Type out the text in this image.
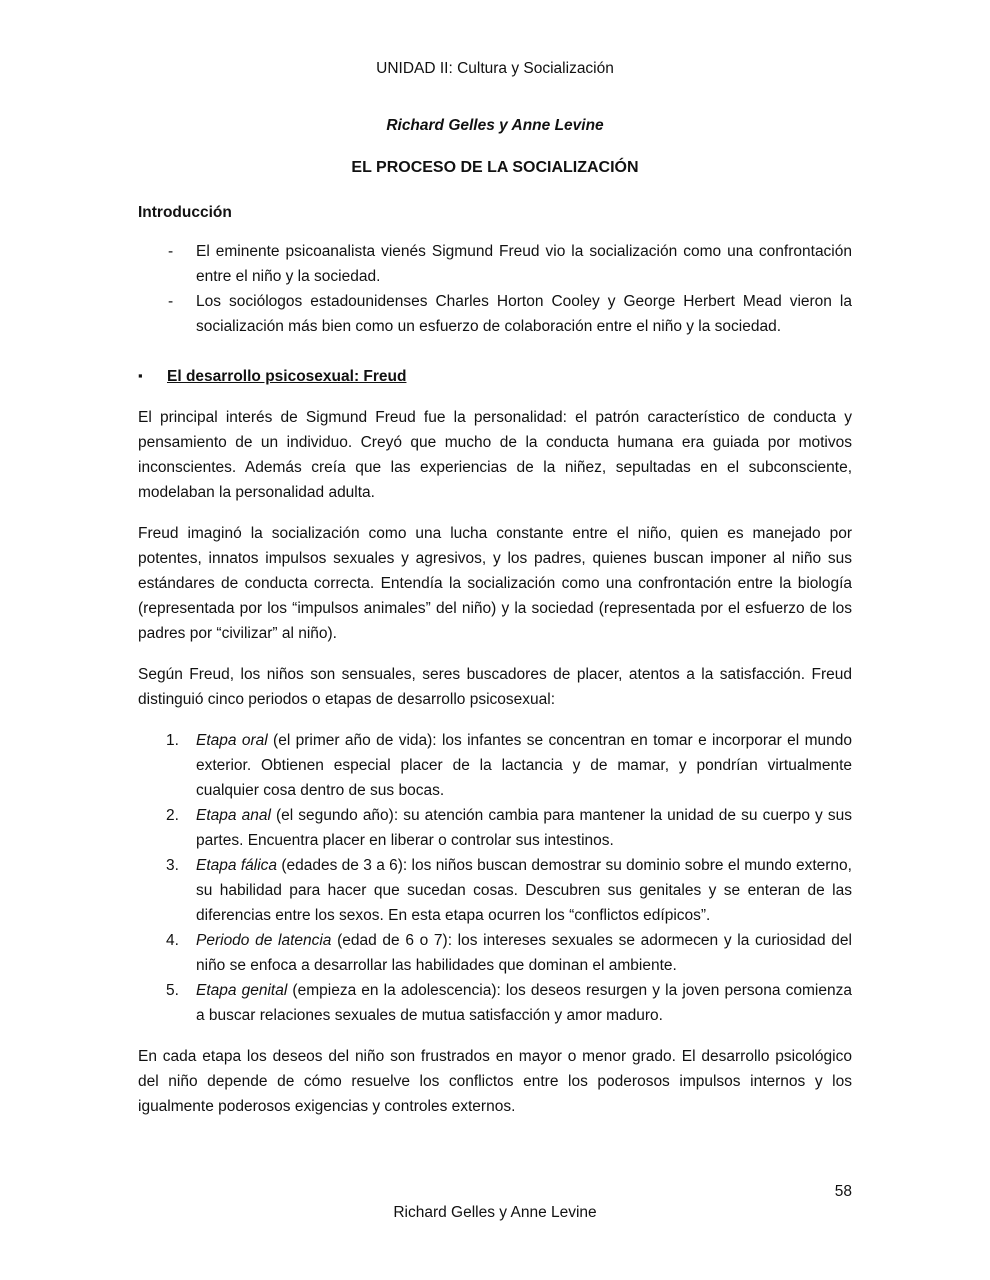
UNIDAD II: Cultura y Socialización
Richard Gelles y Anne Levine
EL PROCESO DE LA SOCIALIZACIÓN
Introducción
- El eminente psicoanalista vienés Sigmund Freud vio la socialización como una confrontación entre el niño y la sociedad.
- Los sociólogos estadounidenses Charles Horton Cooley y George Herbert Mead vieron la socialización más bien como un esfuerzo de colaboración entre el niño y la sociedad.
▪ El desarrollo psicosexual: Freud
El principal interés de Sigmund Freud fue la personalidad: el patrón característico de conducta y pensamiento de un individuo. Creyó que mucho de la conducta humana era guiada por motivos inconscientes. Además creía que las experiencias de la niñez, sepultadas en el subconsciente, modelaban la personalidad adulta.
Freud imaginó la socialización como una lucha constante entre el niño, quien es manejado por potentes, innatos impulsos sexuales y agresivos, y los padres, quienes buscan imponer al niño sus estándares de conducta correcta. Entendía la socialización como una confrontación entre la biología (representada por los “impulsos animales” del niño) y la sociedad (representada por el esfuerzo de los padres por “civilizar” al niño).
Según Freud, los niños son sensuales, seres buscadores de placer, atentos a la satisfacción. Freud distinguió cinco periodos o etapas de desarrollo psicosexual:
1. Etapa oral (el primer año de vida): los infantes se concentran en tomar e incorporar el mundo exterior. Obtienen especial placer de la lactancia y de mamar, y pondrían virtualmente cualquier cosa dentro de sus bocas.
2. Etapa anal (el segundo año): su atención cambia para mantener la unidad de su cuerpo y sus partes. Encuentra placer en liberar o controlar sus intestinos.
3. Etapa fálica (edades de 3 a 6): los niños buscan demostrar su dominio sobre el mundo externo, su habilidad para hacer que sucedan cosas. Descubren sus genitales y se enteran de las diferencias entre los sexos. En esta etapa ocurren los “conflictos edípicos”.
4. Periodo de latencia (edad de 6 o 7): los intereses sexuales se adormecen y la curiosidad del niño se enfoca a desarrollar las habilidades que dominan el ambiente.
5. Etapa genital (empieza en la adolescencia): los deseos resurgen y la joven persona comienza a buscar relaciones sexuales de mutua satisfacción y amor maduro.
En cada etapa los deseos del niño son frustrados en mayor o menor grado. El desarrollo psicológico del niño depende de cómo resuelve los conflictos entre los poderosos impulsos internos y los igualmente poderosos exigencias y controles externos.
58
Richard Gelles y Anne Levine
